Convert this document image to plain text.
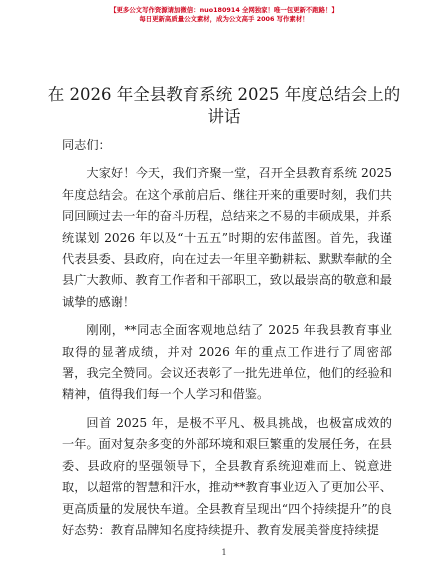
【更多公文写作资源请加微信：nuo180914 全网独家！唯一包更新不跑路！】
每日更新高质量公文素材，成为公文高手 2006 写作素材！
在 2026 年全县教育系统 2025 年度总结会上的讲话

同志们：

大家好！今天，我们齐聚一堂，召开全县教育系统 2025 年度总结会。在这个承前启后、继往开来的重要时刻，我们共同回顾过去一年的奋斗历程，总结来之不易的丰硕成果，并系统谋划 2026 年以及“十五五”时期的宏伟蓝图。首先，我谨代表县委、县政府，向在过去一年里辛勤耕耘、默默奉献的全县广大教师、教育工作者和干部职工，致以最崇高的敬意和最诚挚的感谢！

刚刚，**同志全面客观地总结了 2025 年我县教育事业取得的显著成绩，并对 2026 年的重点工作进行了周密部署，我完全赞同。会议还表彰了一批先进单位，他们的经验和精神，值得我们每一个人学习和借鉴。

回首 2025 年，是极不平凡、极具挑战，也极富成效的一年。面对复杂多变的外部环境和艰巨繁重的发展任务，在县委、县政府的坚强领导下，全县教育系统迎难而上、锐意进取，以超常的智慧和汗水，推动**教育事业迈入了更加公平、更高质量的发展快车道。全县教育呈现出“四个持续提升”的良好态势：教育品牌知名度持续提升、教育发展美誉度持续提

1
